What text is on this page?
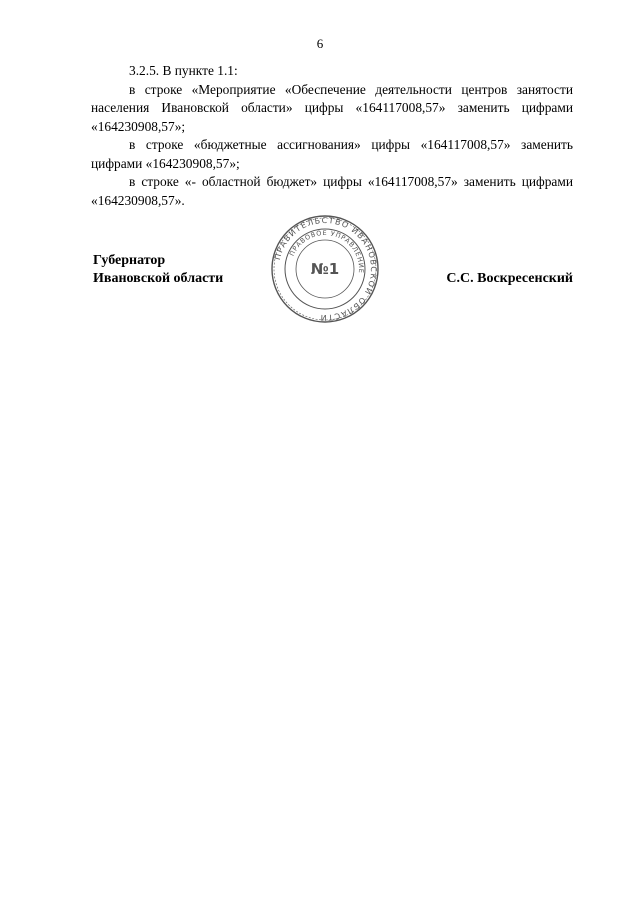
6

3.2.5. В пункте 1.1:

в строке «Мероприятие «Обеспечение деятельности центров занятости населения Ивановской области» цифры «164117008,57» заменить цифрами «164230908,57»;

в строке «бюджетные ассигнования» цифры «164117008,57» заменить цифрами «164230908,57»;

в строке «- областной бюджет» цифры «164117008,57» заменить цифрами «164230908,57».

Губернатор
Ивановской области	С.С. Воскресенский
ПРАВИТЕЛЬСТВО ИВАНОВСКОЙ ОБЛАСТИ
ПРАВОВОЕ УПРАВЛЕНИЕ
№1
